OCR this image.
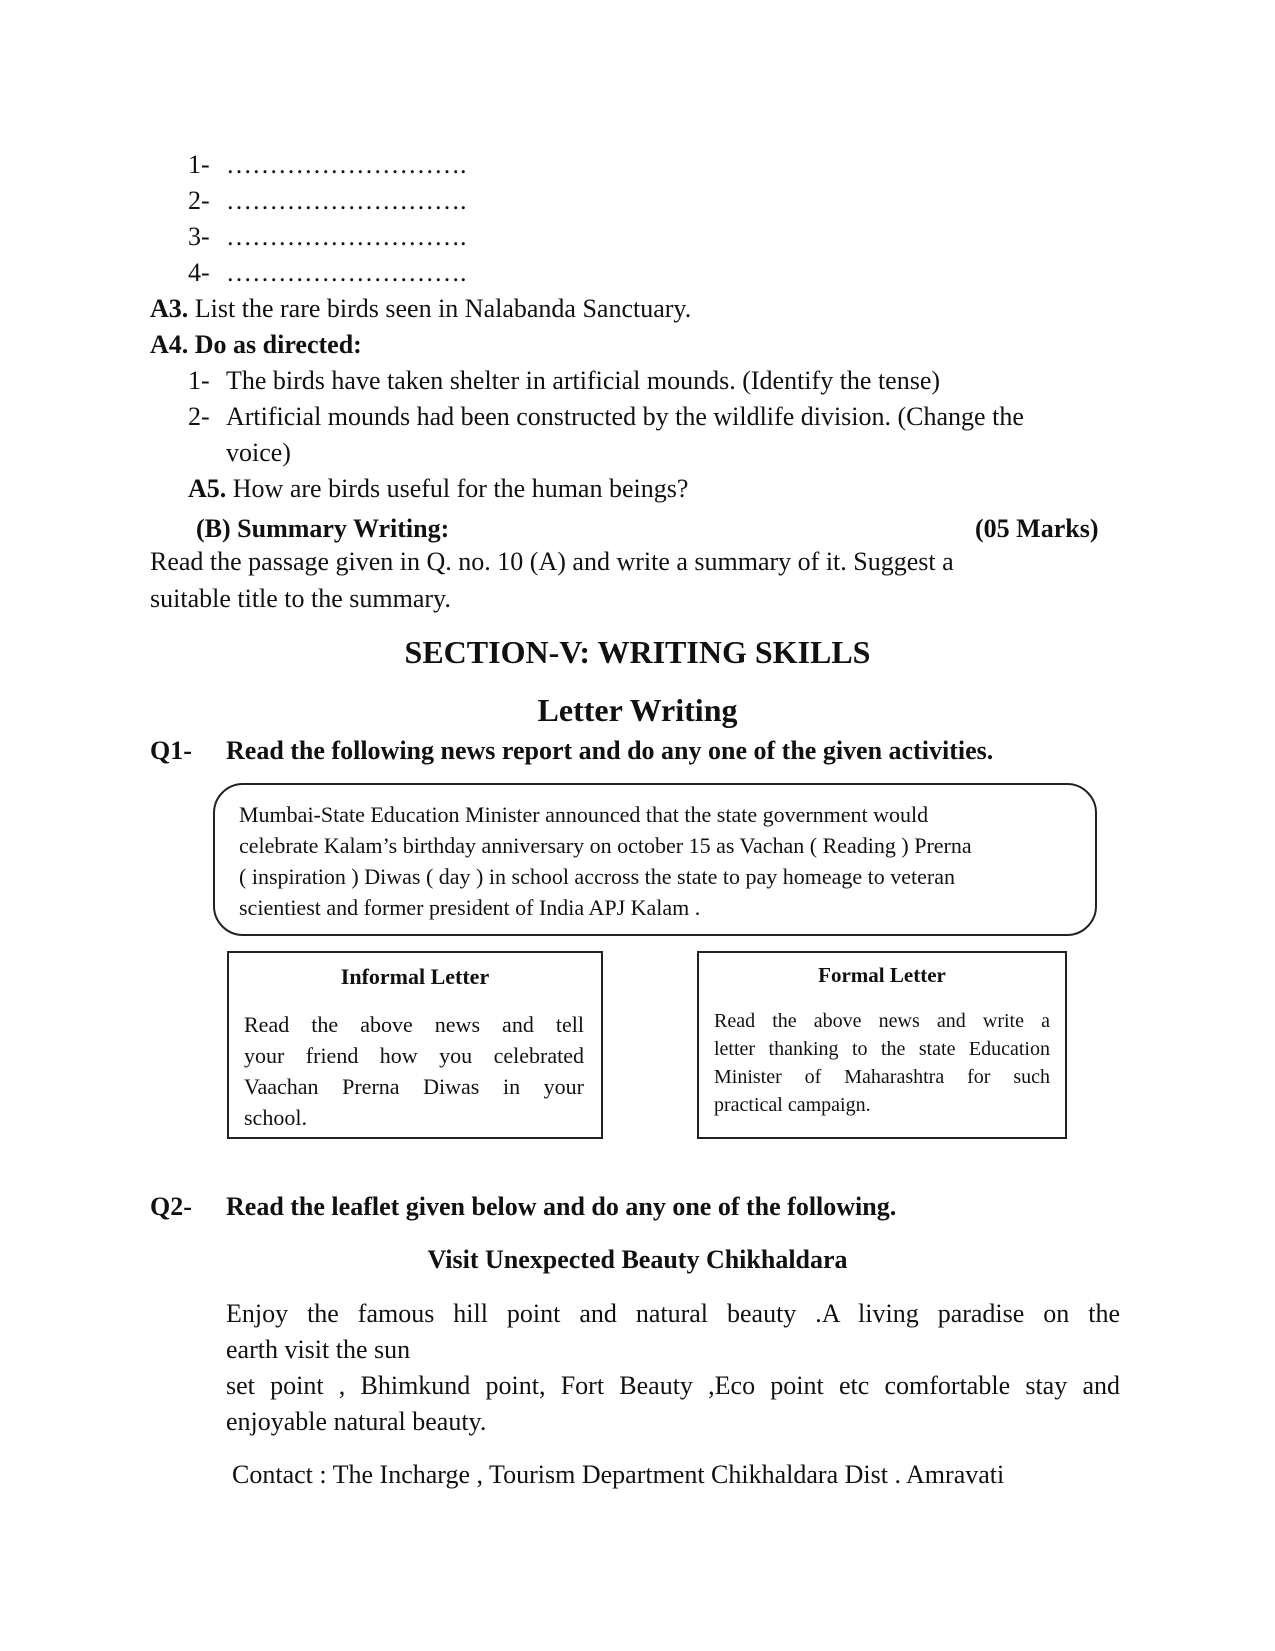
1- ……………………….
2- ……………………….
3- ……………………….
4- ……………………….
A3. List the rare birds seen in Nalabanda Sanctuary.
A4. Do as directed:
1- The birds have taken shelter in artificial mounds. (Identify the tense)
2- Artificial mounds had been constructed by the wildlife division. (Change the
voice)
A5. How are birds useful for the human beings?
(B) Summary Writing:	(05 Marks)
Read the passage given in Q. no. 10 (A) and write a summary of it. Suggest a
suitable title to the summary.
SECTION-V: WRITING SKILLS
Letter Writing
Q1- Read the following news report and do any one of the given activities.
Mumbai-State Education Minister announced that the state government would
celebrate Kalam’s birthday anniversary on october 15 as Vachan ( Reading ) Prerna
( inspiration ) Diwas ( day ) in school accross the state to pay homeage to veteran
scientiest and former president of India APJ Kalam .
Informal Letter
Read the above news and tell
your friend how you celebrated
Vaachan Prerna Diwas in your
school.
Formal Letter
Read the above news and write a
letter thanking to the state Education
Minister of Maharashtra for such
practical campaign.
Q2- Read the leaflet given below and do any one of the following.
Visit Unexpected Beauty Chikhaldara
Enjoy the famous hill point and natural beauty .A living paradise on the
earth visit the sun
set point , Bhimkund point, Fort Beauty ,Eco point etc comfortable stay and
enjoyable natural beauty.
Contact : The Incharge , Tourism Department Chikhaldara Dist . Amravati
